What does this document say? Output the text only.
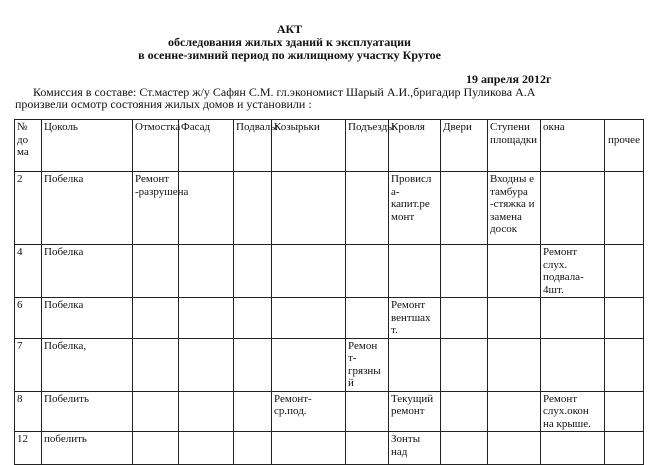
АКТ
обследования жилых зданий к эксплуатации
в осенне-зимний период по жилищному участку Крутое
19 апреля 2012г
Комиссия в составе: Ст.мастер ж/у Сафян С.М. гл.экономист Шарый А.И.,бригадир Пуликова А.А
произвели осмотр состояния жилых домов и установили :
№ до ма	Цоколь	Отмостка	Фасад	Подвалы	Козырьки	Подъезды	Кровля	Двери	Ступени площадки	окна	прочее
2	Побелка	Ремонт -разрушена					Провисл а-капит.ре монт		Входны е тамбура -стяжка и замена досок		
4	Побелка									Ремонт слух. подвала- 4шт.	
6	Побелка						Ремонт вентшах т.				
7	Побелка,					Ремон т-грязны й					
8	Побелить				Ремонт- ср.под.		Текущий ремонт			Ремонт слух.окон на крыше.	
12	побелить						Зонты над				
